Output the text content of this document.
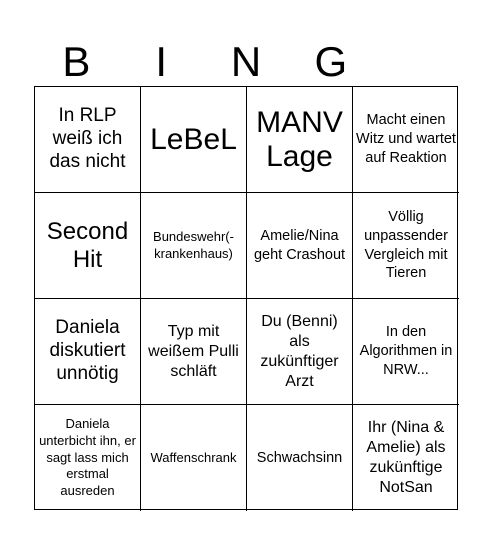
B	I	N	G
In RLP weiß ich das nicht
LeBeL
MANV Lage
Macht einen Witz und wartet auf Reaktion
Second Hit
Bundeswehr(-krankenhaus)
Amelie/Nina geht Crashout
Völlig unpassender Vergleich mit Tieren
Daniela diskutiert unnötig
Typ mit weißem Pulli schläft
Du (Benni) als zukünftiger Arzt
In den Algorithmen in NRW...
Daniela unterbicht ihn, er sagt lass mich erstmal ausreden
Waffenschrank	Schwachsinn
Ihr (Nina & Amelie) als zukünftige NotSan
